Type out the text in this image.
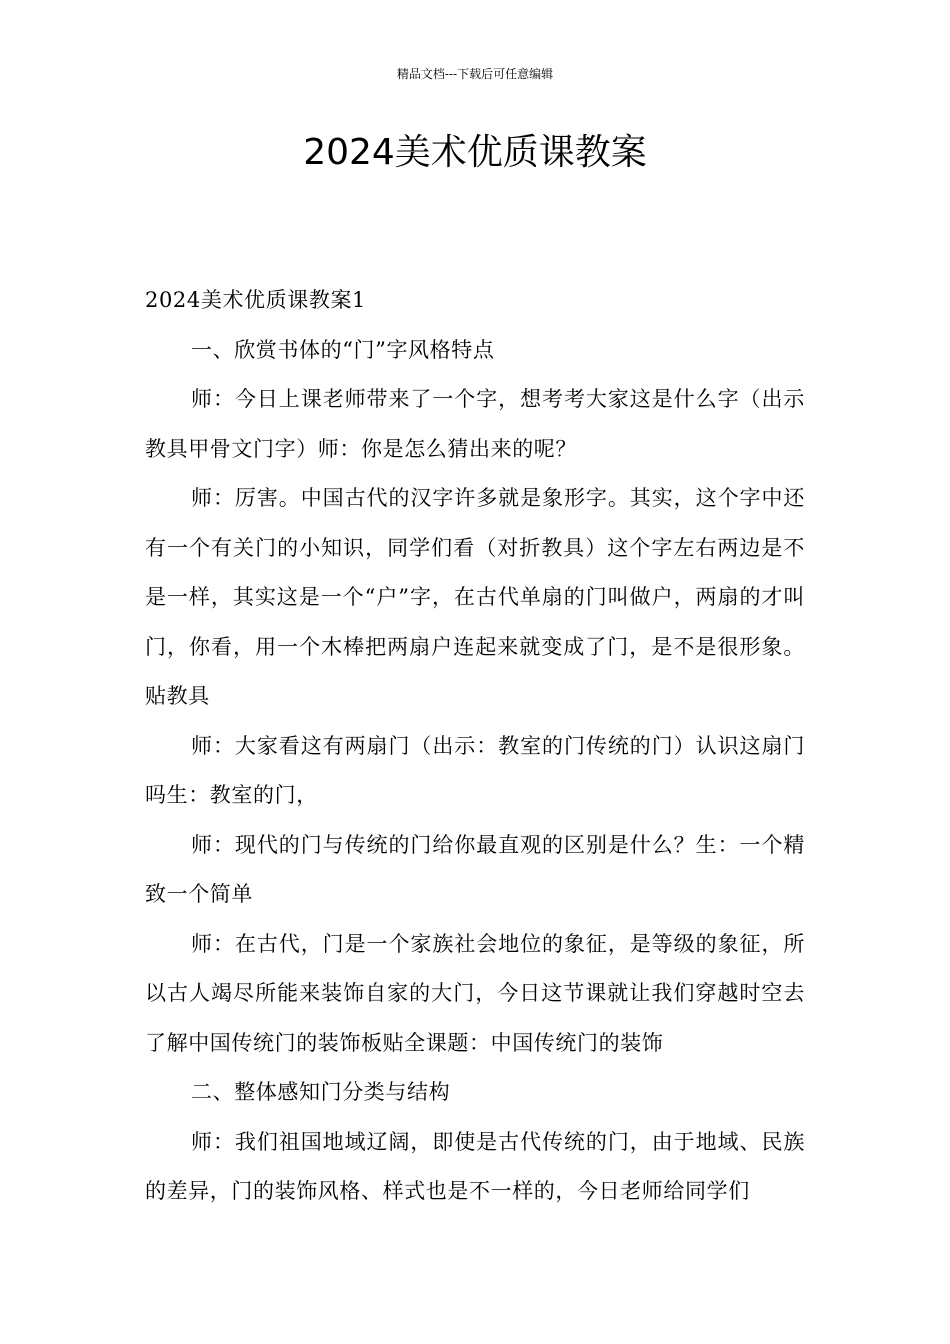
精品文档---下载后可任意编辑
2024美术优质课教案

2024美术优质课教案1

一、欣赏书体的“门”字风格特点

师：今日上课老师带来了一个字，想考考大家这是什么字（出示教具甲骨文门字）师：你是怎么猜出来的呢？

师：厉害。中国古代的汉字许多就是象形字。其实，这个字中还有一个有关门的小知识，同学们看（对折教具）这个字左右两边是不是一样，其实这是一个“户”字，在古代单扇的门叫做户，两扇的才叫门，你看，用一个木棒把两扇户连起来就变成了门，是不是很形象。贴教具

师：大家看这有两扇门（出示：教室的门传统的门）认识这扇门吗生：教室的门，

师：现代的门与传统的门给你最直观的区别是什么？生：一个精致一个简单

师：在古代，门是一个家族社会地位的象征，是等级的象征，所以古人竭尽所能来装饰自家的大门，今日这节课就让我们穿越时空去了解中国传统门的装饰板贴全课题：中国传统门的装饰

二、整体感知门分类与结构

师：我们祖国地域辽阔，即使是古代传统的门，由于地域、民族的差异，门的装饰风格、样式也是不一样的，今日老师给同学们
